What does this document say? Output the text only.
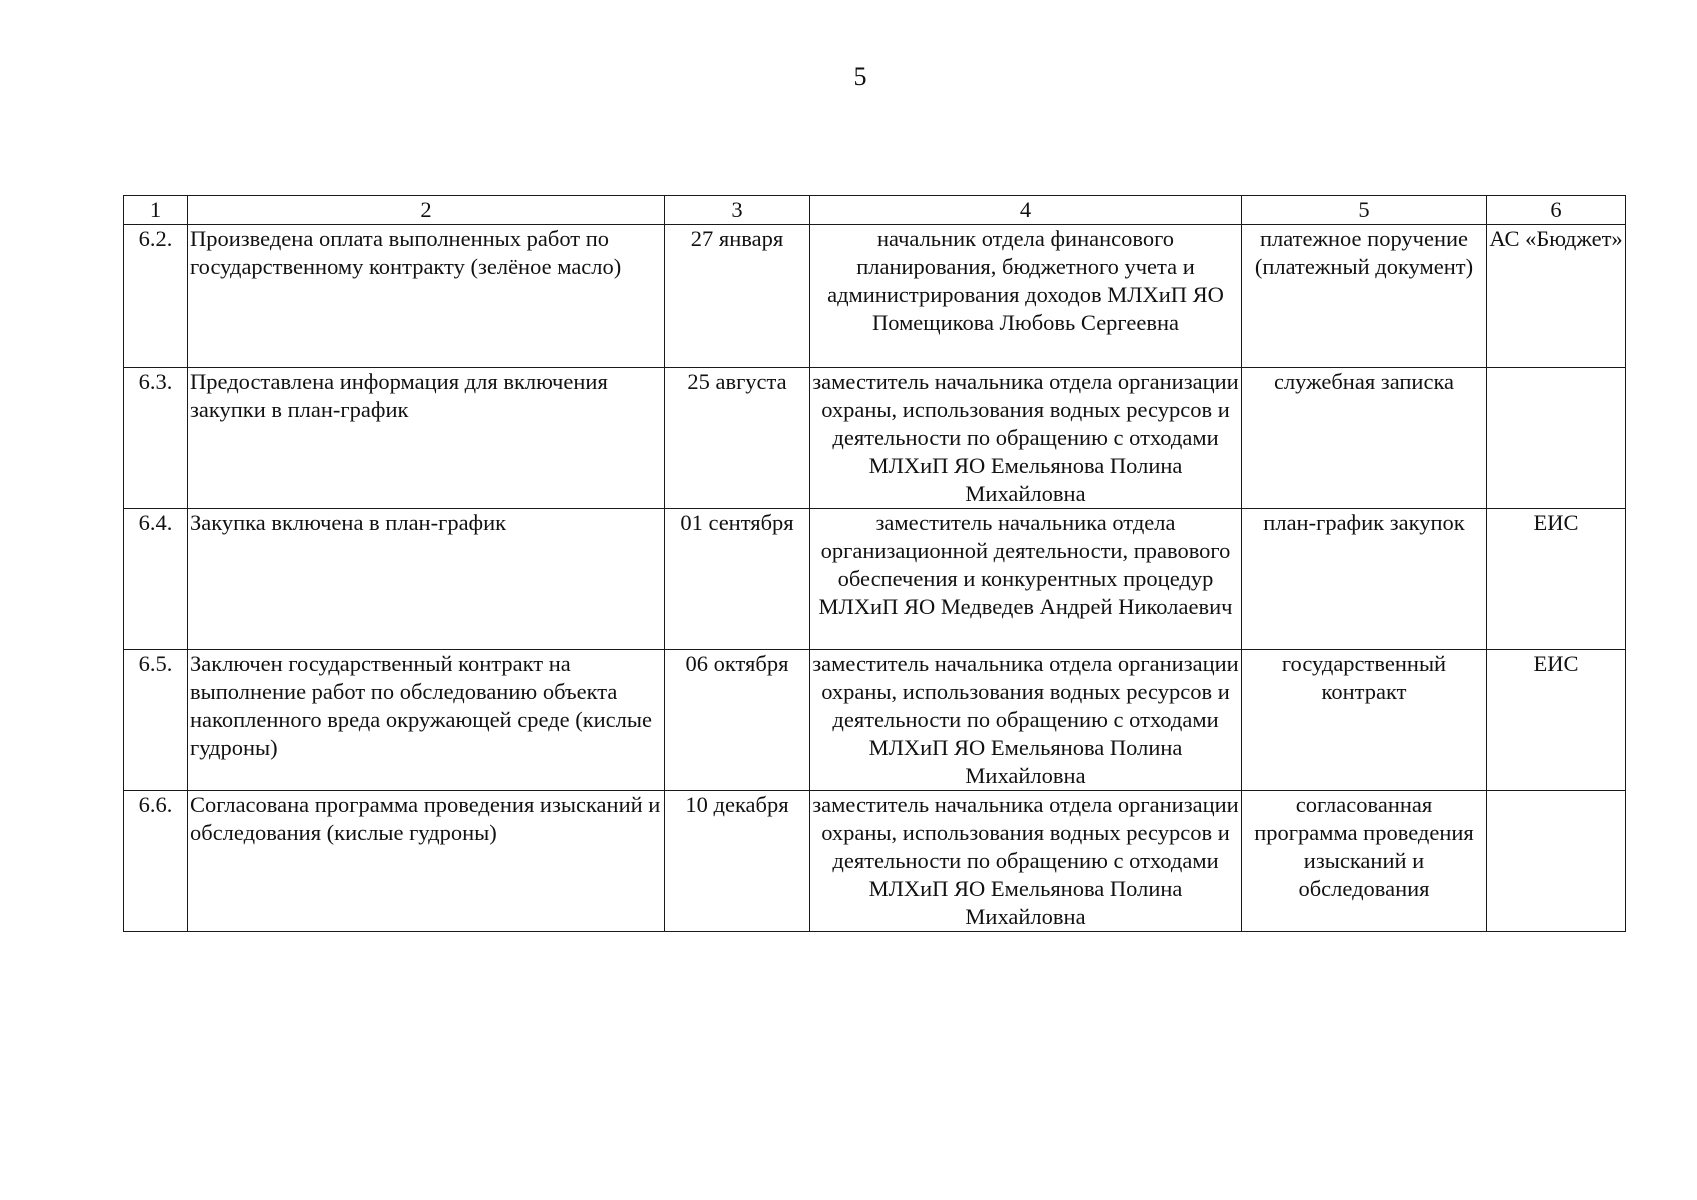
5
1	2	3	4	5	6
6.2.	Произведена оплата выполненных работ по государственному контракту (зелёное масло)	27 января	начальник отдела финансового планирования, бюджетного учета и администрирования доходов МЛХиП ЯО Помещикова Любовь Сергеевна	платежное поручение (платежный документ)	АС «Бюджет»
6.3.	Предоставлена информация для включения закупки в план-график	25 августа	заместитель начальника отдела организации охраны, использования водных ресурсов и деятельности по обращению с отходами МЛХиП ЯО Емельянова Полина Михайловна	служебная записка	
6.4.	Закупка включена в план-график	01 сентября	заместитель начальника отдела организационной деятельности, правового обеспечения и конкурентных процедур МЛХиП ЯО Медведев Андрей Николаевич	план-график закупок	ЕИС
6.5.	Заключен государственный контракт на выполнение работ по обследованию объекта накопленного вреда окружающей среде (кислые гудроны)	06 октября	заместитель начальника отдела организации охраны, использования водных ресурсов и деятельности по обращению с отходами МЛХиП ЯО Емельянова Полина Михайловна	государственный контракт	ЕИС
6.6.	Согласована программа проведения изысканий и обследования (кислые гудроны)	10 декабря	заместитель начальника отдела организации охраны, использования водных ресурсов и деятельности по обращению с отходами МЛХиП ЯО Емельянова Полина Михайловна	согласованная программа проведения изысканий и обследования	
